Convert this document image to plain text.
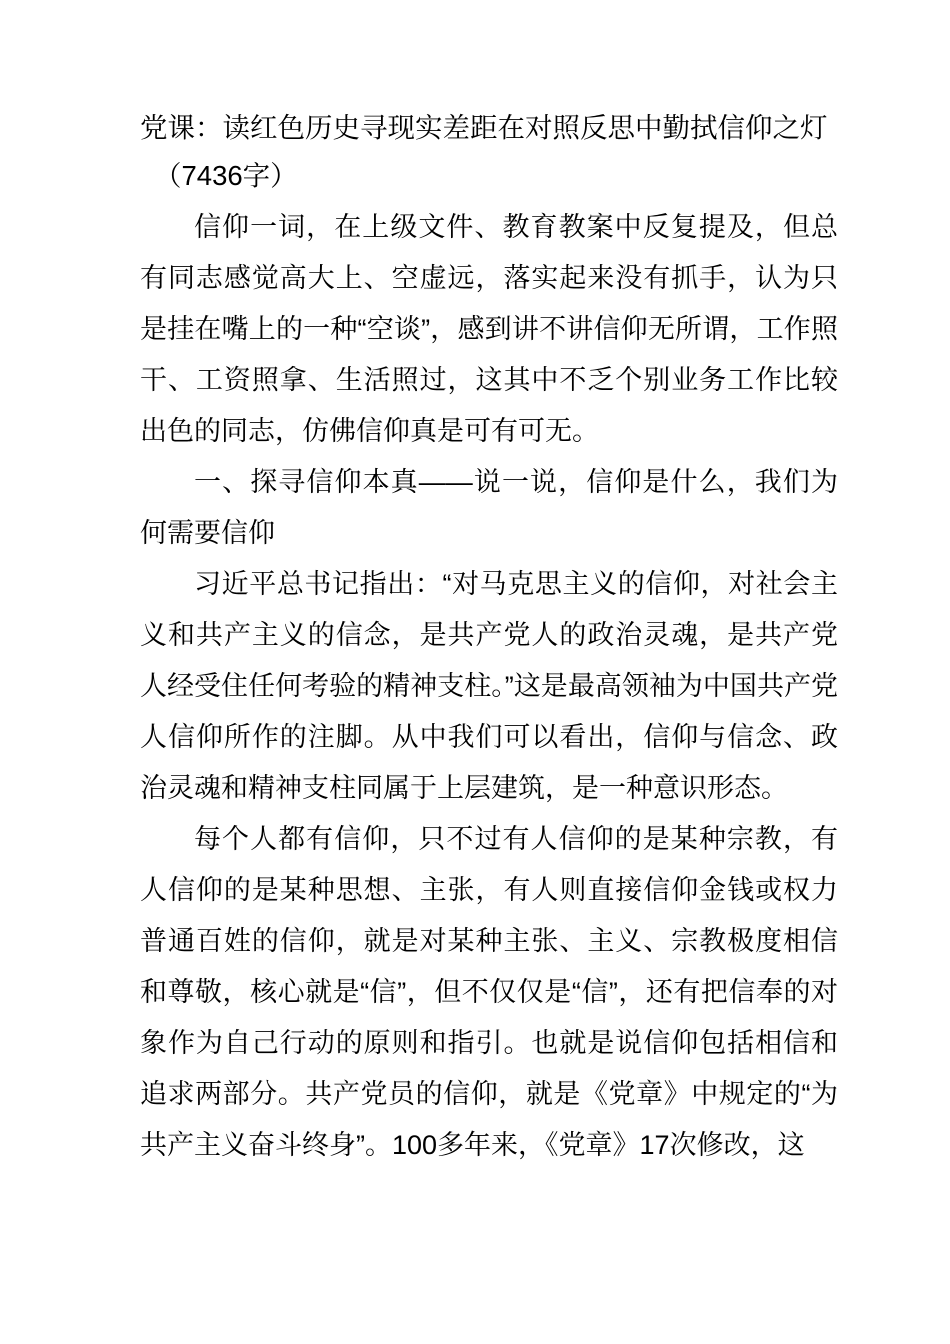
党课：读红色历史寻现实差距在对照反思中勤拭信仰之灯
（7436字）

信仰一词，在上级文件、教育教案中反复提及，但总有同志感觉高大上、空虚远，落实起来没有抓手，认为只是挂在嘴上的一种“空谈”，感到讲不讲信仰无所谓，工作照干、工资照拿、生活照过，这其中不乏个别业务工作比较出色的同志，仿佛信仰真是可有可无。

一、探寻信仰本真——说一说，信仰是什么，我们为何需要信仰

习近平总书记指出：“对马克思主义的信仰，对社会主义和共产主义的信念，是共产党人的政治灵魂，是共产党人经受住任何考验的精神支柱。”这是最高领袖为中国共产党人信仰所作的注脚。从中我们可以看出，信仰与信念、政治灵魂和精神支柱同属于上层建筑，是一种意识形态。

每个人都有信仰，只不过有人信仰的是某种宗教，有人信仰的是某种思想、主张，有人则直接信仰金钱或权力普通百姓的信仰，就是对某种主张、主义、宗教极度相信和尊敬，核心就是“信”，但不仅仅是“信”，还有把信奉的对象作为自己行动的原则和指引。也就是说信仰包括相信和追求两部分。共产党员的信仰，就是《党章》中规定的“为共产主义奋斗终身”。100多年来，《党章》17次修改，这
